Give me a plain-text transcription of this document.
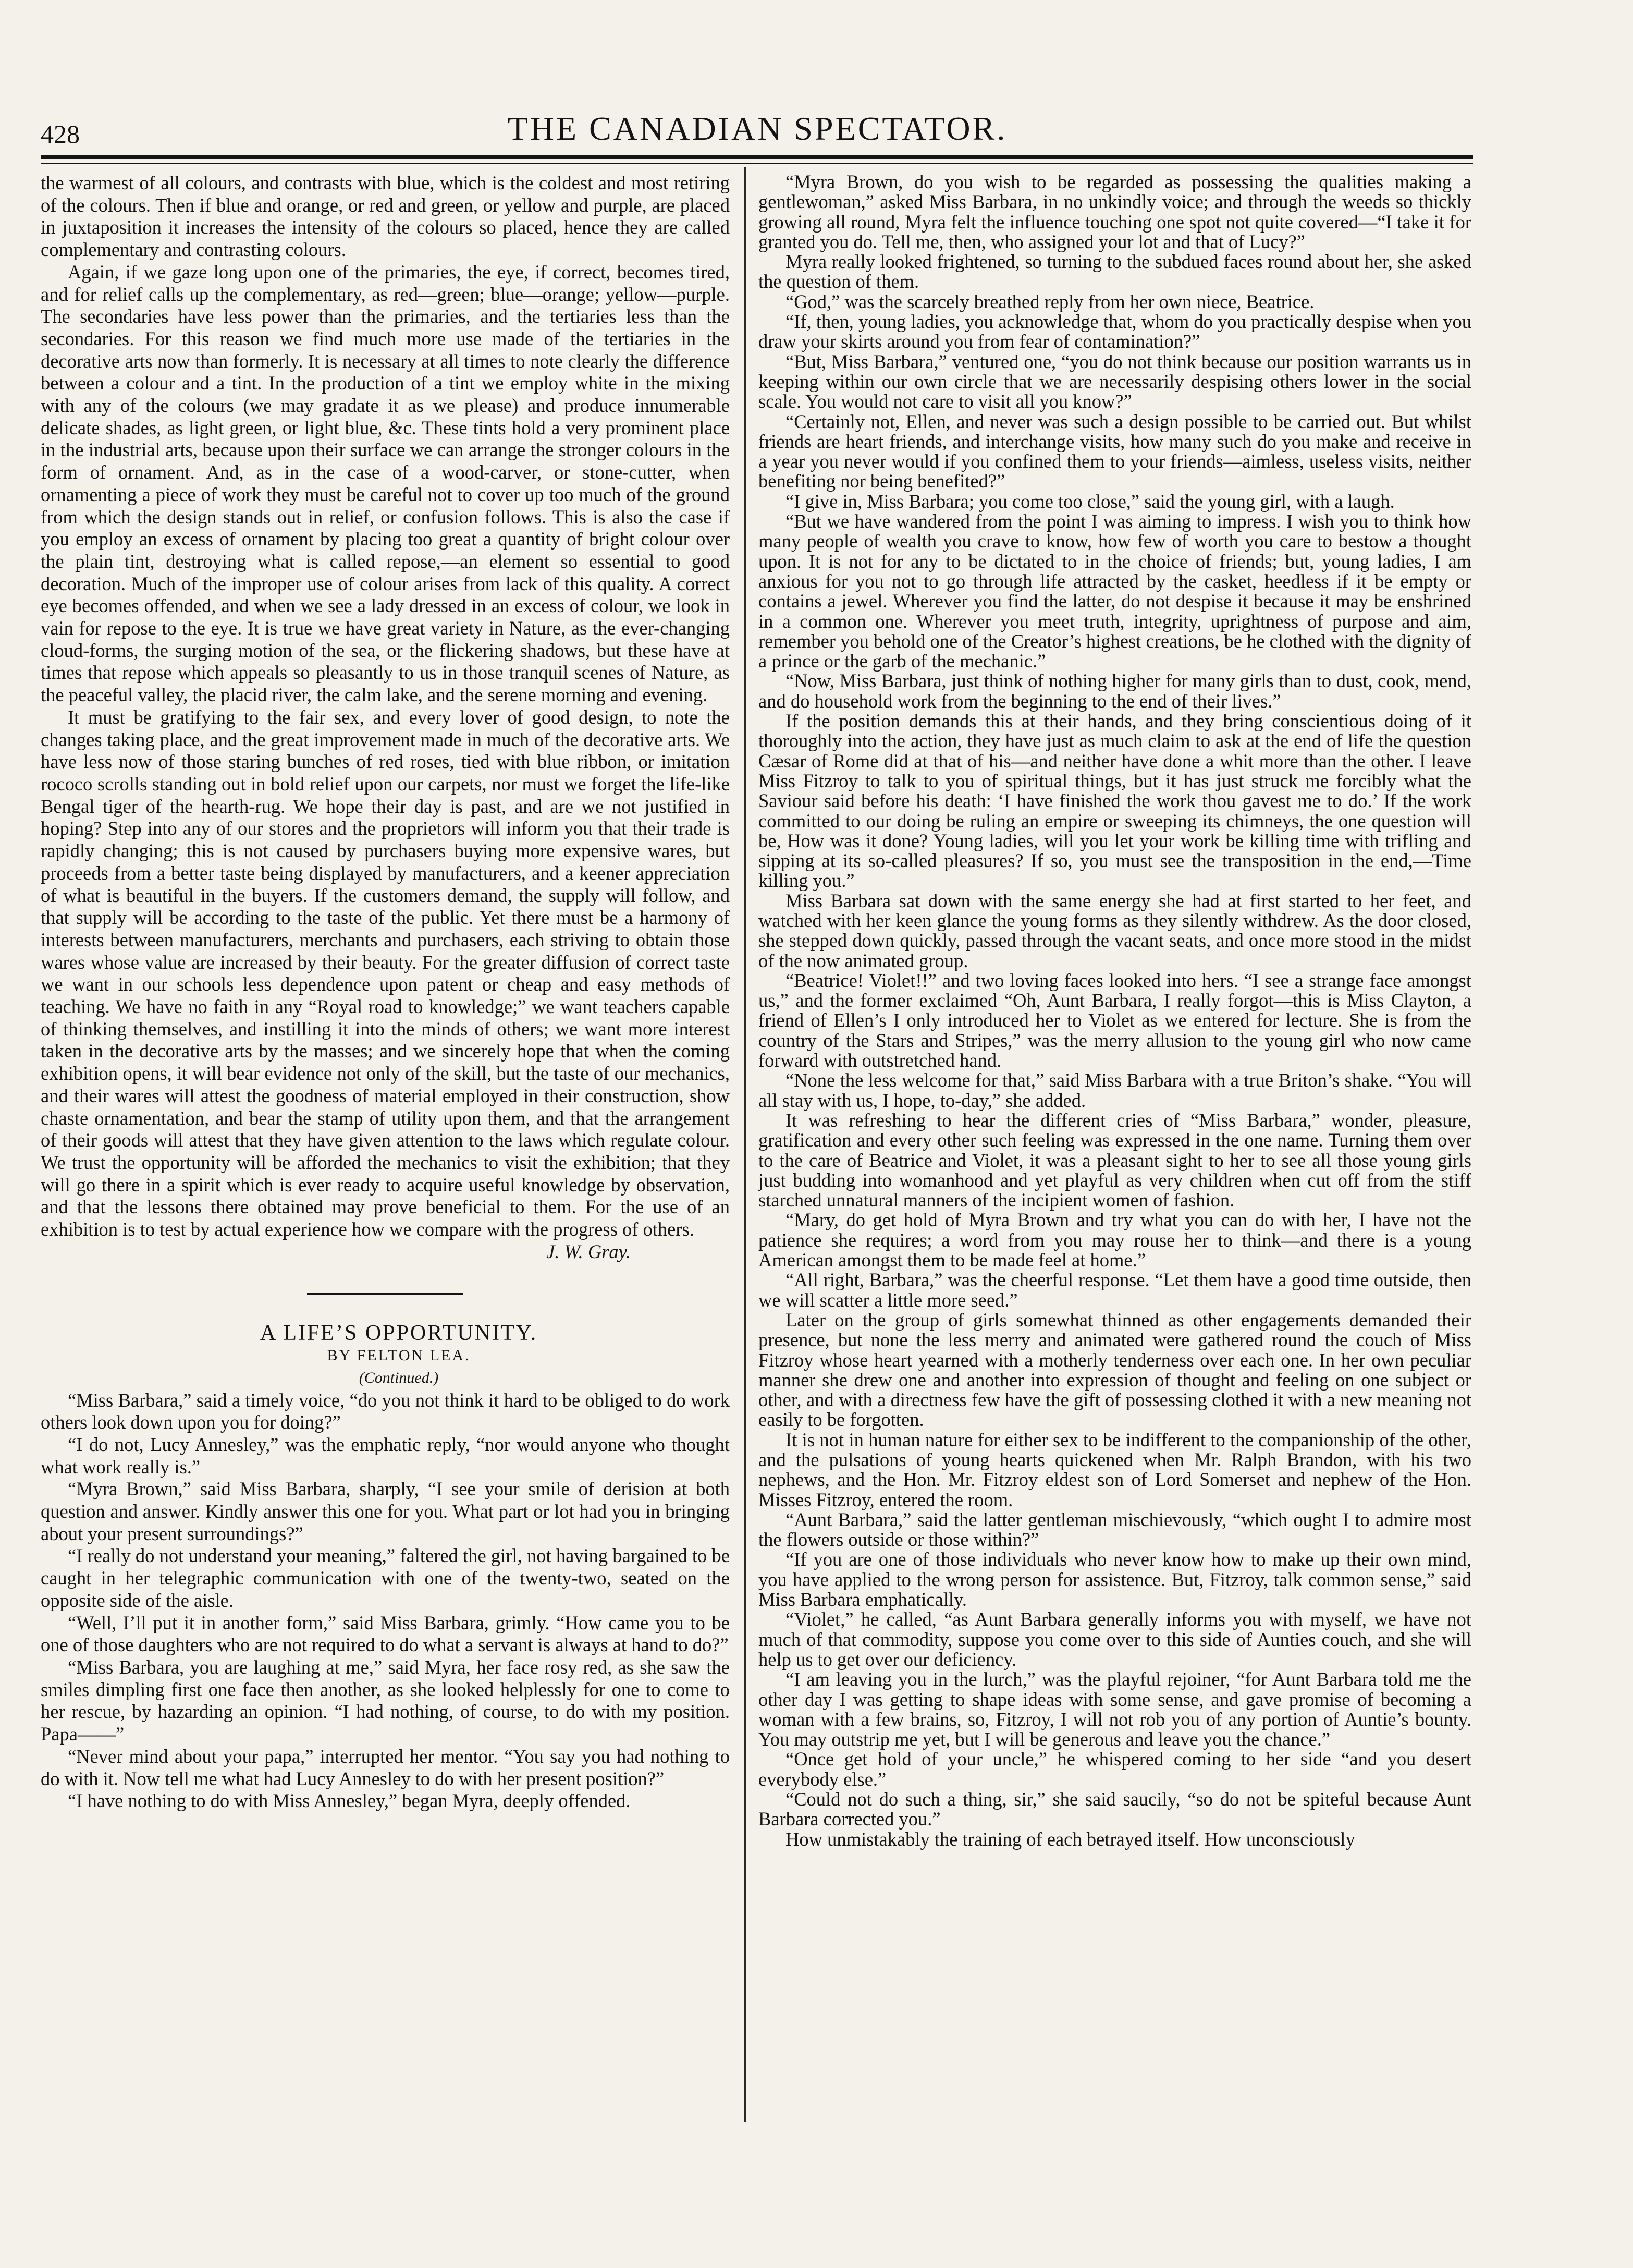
428	THE CANADIAN SPECTATOR.

the warmest of all colours, and contrasts with blue, which is the coldest and most retiring of the colours. Then if blue and orange, or red and green, or yellow and purple, are placed in juxtaposition it increases the intensity of the colours so placed, hence they are called complementary and contrasting colours.

Again, if we gaze long upon one of the primaries, the eye, if correct, becomes tired, and for relief calls up the complementary, as red—green; blue—orange; yellow—purple. The secondaries have less power than the primaries, and the tertiaries less than the secondaries. For this reason we find much more use made of the tertiaries in the decorative arts now than formerly. It is necessary at all times to note clearly the difference between a colour and a tint. In the production of a tint we employ white in the mixing with any of the colours (we may gradate it as we please) and produce innumerable delicate shades, as light green, or light blue, &c. These tints hold a very prominent place in the industrial arts, because upon their surface we can arrange the stronger colours in the form of ornament. And, as in the case of a wood-carver, or stone-cutter, when ornamenting a piece of work they must be careful not to cover up too much of the ground from which the design stands out in relief, or confusion follows. This is also the case if you employ an excess of ornament by placing too great a quantity of bright colour over the plain tint, destroying what is called repose,—an element so essential to good decoration. Much of the improper use of colour arises from lack of this quality. A correct eye becomes offended, and when we see a lady dressed in an excess of colour, we look in vain for repose to the eye. It is true we have great variety in Nature, as the ever-changing cloud-forms, the surging motion of the sea, or the flickering shadows, but these have at times that repose which appeals so pleasantly to us in those tranquil scenes of Nature, as the peaceful valley, the placid river, the calm lake, and the serene morning and evening.

It must be gratifying to the fair sex, and every lover of good design, to note the changes taking place, and the great improvement made in much of the decorative arts. We have less now of those staring bunches of red roses, tied with blue ribbon, or imitation rococo scrolls standing out in bold relief upon our carpets, nor must we forget the life-like Bengal tiger of the hearth-rug. We hope their day is past, and are we not justified in hoping? Step into any of our stores and the proprietors will inform you that their trade is rapidly changing; this is not caused by purchasers buying more expensive wares, but proceeds from a better taste being displayed by manufacturers, and a keener appreciation of what is beautiful in the buyers. If the customers demand, the supply will follow, and that supply will be according to the taste of the public. Yet there must be a harmony of interests between manufacturers, merchants and purchasers, each striving to obtain those wares whose value are increased by their beauty. For the greater diffusion of correct taste we want in our schools less dependence upon patent or cheap and easy methods of teaching. We have no faith in any “Royal road to knowledge;” we want teachers capable of thinking themselves, and instilling it into the minds of others; we want more interest taken in the decorative arts by the masses; and we sincerely hope that when the coming exhibition opens, it will bear evidence not only of the skill, but the taste of our mechanics, and their wares will attest the goodness of material employed in their construction, show chaste ornamentation, and bear the stamp of utility upon them, and that the arrangement of their goods will attest that they have given attention to the laws which regulate colour. We trust the opportunity will be afforded the mechanics to visit the exhibition; that they will go there in a spirit which is ever ready to acquire useful knowledge by observation, and that the lessons there obtained may prove beneficial to them. For the use of an exhibition is to test by actual experience how we compare with the progress of others.

J. W. Gray.

A LIFE’S OPPORTUNITY.

BY FELTON LEA.

(Continued.)

“Miss Barbara,” said a timely voice, “do you not think it hard to be obliged to do work others look down upon you for doing?”

“I do not, Lucy Annesley,” was the emphatic reply, “nor would anyone who thought what work really is.”

“Myra Brown,” said Miss Barbara, sharply, “I see your smile of derision at both question and answer. Kindly answer this one for you. What part or lot had you in bringing about your present surroundings?”

“I really do not understand your meaning,” faltered the girl, not having bargained to be caught in her telegraphic communication with one of the twenty-two, seated on the opposite side of the aisle.

“Well, I’ll put it in another form,” said Miss Barbara, grimly. “How came you to be one of those daughters who are not required to do what a servant is always at hand to do?”

“Miss Barbara, you are laughing at me,” said Myra, her face rosy red, as she saw the smiles dimpling first one face then another, as she looked helplessly for one to come to her rescue, by hazarding an opinion. “I had nothing, of course, to do with my position. Papa——”

“Never mind about your papa,” interrupted her mentor. “You say you had nothing to do with it. Now tell me what had Lucy Annesley to do with her present position?”

“I have nothing to do with Miss Annesley,” began Myra, deeply offended.

“Myra Brown, do you wish to be regarded as possessing the qualities making a gentlewoman,” asked Miss Barbara, in no unkindly voice; and through the weeds so thickly growing all round, Myra felt the influence touching one spot not quite covered—“I take it for granted you do. Tell me, then, who assigned your lot and that of Lucy?”

Myra really looked frightened, so turning to the subdued faces round about her, she asked the question of them.

“God,” was the scarcely breathed reply from her own niece, Beatrice.

“If, then, young ladies, you acknowledge that, whom do you practically despise when you draw your skirts around you from fear of contamination?”

“But, Miss Barbara,” ventured one, “you do not think because our position warrants us in keeping within our own circle that we are necessarily despising others lower in the social scale. You would not care to visit all you know?”

“Certainly not, Ellen, and never was such a design possible to be carried out. But whilst friends are heart friends, and interchange visits, how many such do you make and receive in a year you never would if you confined them to your friends—aimless, useless visits, neither benefiting nor being benefited?”

“I give in, Miss Barbara; you come too close,” said the young girl, with a laugh.

“But we have wandered from the point I was aiming to impress. I wish you to think how many people of wealth you crave to know, how few of worth you care to bestow a thought upon. It is not for any to be dictated to in the choice of friends; but, young ladies, I am anxious for you not to go through life attracted by the casket, heedless if it be empty or contains a jewel. Wherever you find the latter, do not despise it because it may be enshrined in a common one. Wherever you meet truth, integrity, uprightness of purpose and aim, remember you behold one of the Creator’s highest creations, be he clothed with the dignity of a prince or the garb of the mechanic.”

“Now, Miss Barbara, just think of nothing higher for many girls than to dust, cook, mend, and do household work from the beginning to the end of their lives.”

If the position demands this at their hands, and they bring conscientious doing of it thoroughly into the action, they have just as much claim to ask at the end of life the question Cæsar of Rome did at that of his—and neither have done a whit more than the other. I leave Miss Fitzroy to talk to you of spiritual things, but it has just struck me forcibly what the Saviour said before his death: ‘I have finished the work thou gavest me to do.’ If the work committed to our doing be ruling an empire or sweeping its chimneys, the one question will be, How was it done? Young ladies, will you let your work be killing time with trifling and sipping at its so-called pleasures? If so, you must see the transposition in the end,—Time killing you.”

Miss Barbara sat down with the same energy she had at first started to her feet, and watched with her keen glance the young forms as they silently withdrew. As the door closed, she stepped down quickly, passed through the vacant seats, and once more stood in the midst of the now animated group.

“Beatrice! Violet!!” and two loving faces looked into hers. “I see a strange face amongst us,” and the former exclaimed “Oh, Aunt Barbara, I really forgot—this is Miss Clayton, a friend of Ellen’s I only introduced her to Violet as we entered for lecture. She is from the country of the Stars and Stripes,” was the merry allusion to the young girl who now came forward with outstretched hand.

“None the less welcome for that,” said Miss Barbara with a true Briton’s shake. “You will all stay with us, I hope, to-day,” she added.

It was refreshing to hear the different cries of “Miss Barbara,” wonder, pleasure, gratification and every other such feeling was expressed in the one name. Turning them over to the care of Beatrice and Violet, it was a pleasant sight to her to see all those young girls just budding into womanhood and yet playful as very children when cut off from the stiff starched unnatural manners of the incipient women of fashion.

“Mary, do get hold of Myra Brown and try what you can do with her, I have not the patience she requires; a word from you may rouse her to think—and there is a young American amongst them to be made feel at home.”

“All right, Barbara,” was the cheerful response. “Let them have a good time outside, then we will scatter a little more seed.”

Later on the group of girls somewhat thinned as other engagements demanded their presence, but none the less merry and animated were gathered round the couch of Miss Fitzroy whose heart yearned with a motherly tenderness over each one. In her own peculiar manner she drew one and another into expression of thought and feeling on one subject or other, and with a directness few have the gift of possessing clothed it with a new meaning not easily to be forgotten.

It is not in human nature for either sex to be indifferent to the companionship of the other, and the pulsations of young hearts quickened when Mr. Ralph Brandon, with his two nephews, and the Hon. Mr. Fitzroy eldest son of Lord Somerset and nephew of the Hon. Misses Fitzroy, entered the room.

“Aunt Barbara,” said the latter gentleman mischievously, “which ought I to admire most the flowers outside or those within?”

“If you are one of those individuals who never know how to make up their own mind, you have applied to the wrong person for assistence. But, Fitzroy, talk common sense,” said Miss Barbara emphatically.

“Violet,” he called, “as Aunt Barbara generally informs you with myself, we have not much of that commodity, suppose you come over to this side of Aunties couch, and she will help us to get over our deficiency.

“I am leaving you in the lurch,” was the playful rejoiner, “for Aunt Barbara told me the other day I was getting to shape ideas with some sense, and gave promise of becoming a woman with a few brains, so, Fitzroy, I will not rob you of any portion of Auntie’s bounty. You may outstrip me yet, but I will be generous and leave you the chance.”

“Once get hold of your uncle,” he whispered coming to her side “and you desert everybody else.”

“Could not do such a thing, sir,” she said saucily, “so do not be spiteful because Aunt Barbara corrected you.”

How unmistakably the training of each betrayed itself. How unconsciously
